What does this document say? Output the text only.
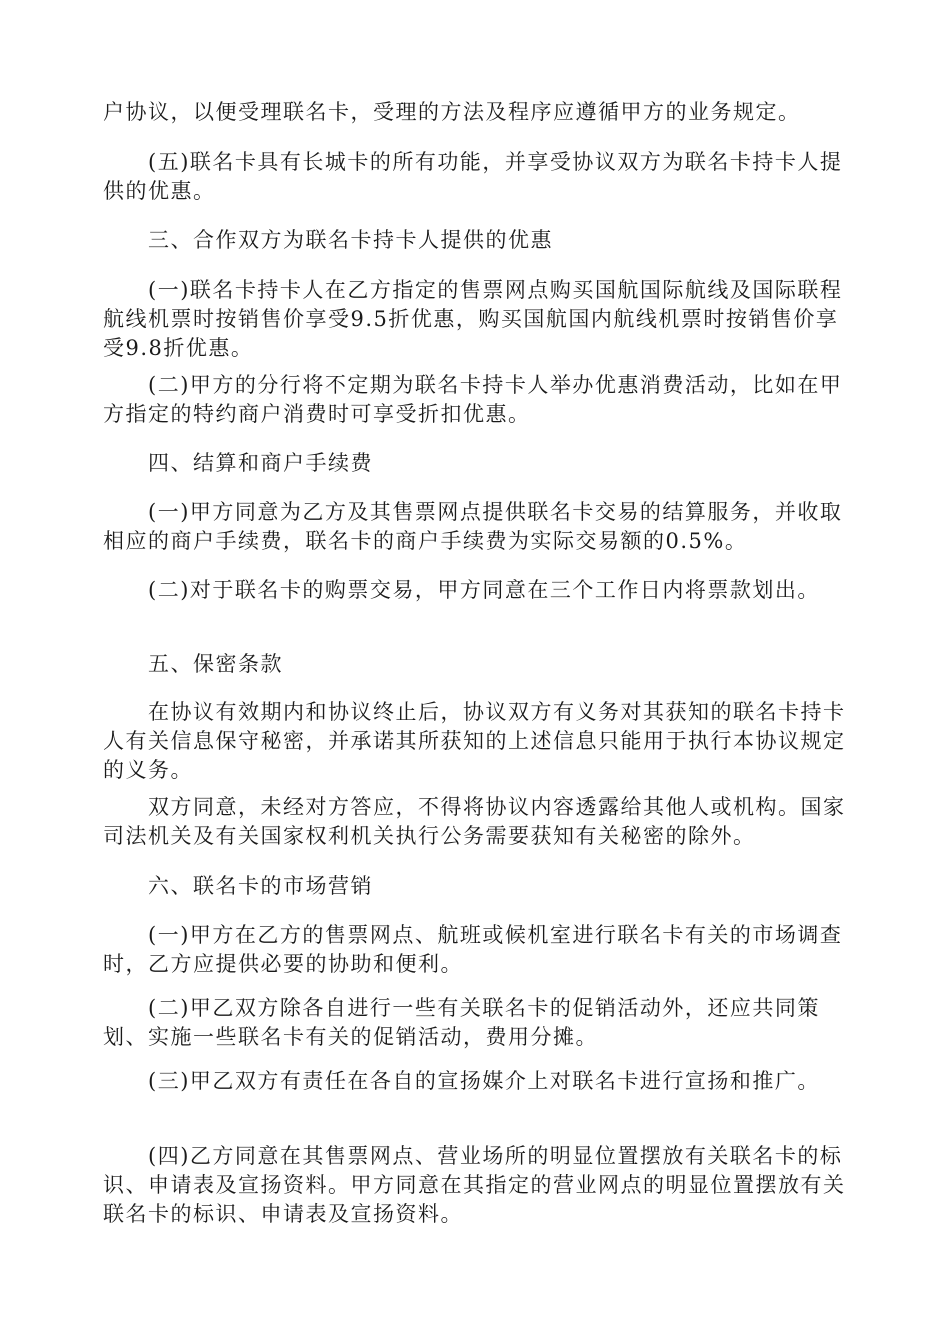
户协议，以便受理联名卡，受理的方法及程序应遵循甲方的业务规定。

(五)联名卡具有长城卡的所有功能，并享受协议双方为联名卡持卡人提供的优惠。

三、合作双方为联名卡持卡人提供的优惠

(一)联名卡持卡人在乙方指定的售票网点购买国航国际航线及国际联程航线机票时按销售价享受9.5折优惠，购买国航国内航线机票时按销售价享受9.8折优惠。

(二)甲方的分行将不定期为联名卡持卡人举办优惠消费活动，比如在甲方指定的特约商户消费时可享受折扣优惠。

四、结算和商户手续费

(一)甲方同意为乙方及其售票网点提供联名卡交易的结算服务，并收取相应的商户手续费，联名卡的商户手续费为实际交易额的0.5%。

(二)对于联名卡的购票交易，甲方同意在三个工作日内将票款划出。

五、保密条款

在协议有效期内和协议终止后，协议双方有义务对其获知的联名卡持卡人有关信息保守秘密，并承诺其所获知的上述信息只能用于执行本协议规定的义务。

双方同意，未经对方答应，不得将协议内容透露给其他人或机构。国家司法机关及有关国家权利机关执行公务需要获知有关秘密的除外。

六、联名卡的市场营销

(一)甲方在乙方的售票网点、航班或候机室进行联名卡有关的市场调查时，乙方应提供必要的协助和便利。

(二)甲乙双方除各自进行一些有关联名卡的促销活动外，还应共同策划、实施一些联名卡有关的促销活动，费用分摊。

(三)甲乙双方有责任在各自的宣扬媒介上对联名卡进行宣扬和推广。

(四)乙方同意在其售票网点、营业场所的明显位置摆放有关联名卡的标识、申请表及宣扬资料。甲方同意在其指定的营业网点的明显位置摆放有关联名卡的标识、申请表及宣扬资料。
